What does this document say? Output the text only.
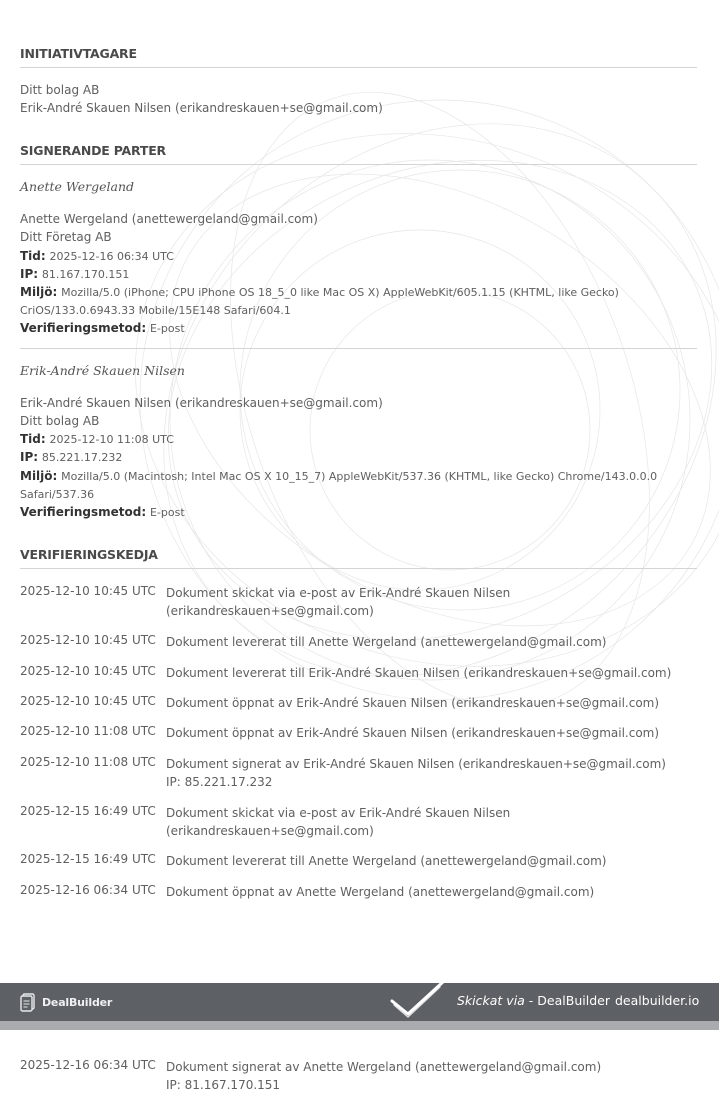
INITIATIVTAGARE
Ditt bolag AB
Erik-André Skauen Nilsen (erikandreskauen+se@gmail.com)
SIGNERANDE PARTER
Anette Wergeland
Anette Wergeland (anettewergeland@gmail.com)
Ditt Företag AB
Tid: 2025-12-16 06:34 UTC
IP: 81.167.170.151
Miljö: Mozilla/5.0 (iPhone; CPU iPhone OS 18_5_0 like Mac OS X) AppleWebKit/605.1.15 (KHTML, like Gecko)
CriOS/133.0.6943.33 Mobile/15E148 Safari/604.1
Verifieringsmetod: E-post
Erik-André Skauen Nilsen
Erik-André Skauen Nilsen (erikandreskauen+se@gmail.com)
Ditt bolag AB
Tid: 2025-12-10 11:08 UTC
IP: 85.221.17.232
Miljö: Mozilla/5.0 (Macintosh; Intel Mac OS X 10_15_7) AppleWebKit/537.36 (KHTML, like Gecko) Chrome/143.0.0.0
Safari/537.36
Verifieringsmetod: E-post
VERIFIERINGSKEDJA
2025-12-10 10:45 UTC Dokument skickat via e-post av Erik-André Skauen Nilsen
(erikandreskauen+se@gmail.com)
2025-12-10 10:45 UTC Dokument levererat till Anette Wergeland (anettewergeland@gmail.com)
2025-12-10 10:45 UTC Dokument levererat till Erik-André Skauen Nilsen (erikandreskauen+se@gmail.com)
2025-12-10 10:45 UTC Dokument öppnat av Erik-André Skauen Nilsen (erikandreskauen+se@gmail.com)
2025-12-10 11:08 UTC Dokument öppnat av Erik-André Skauen Nilsen (erikandreskauen+se@gmail.com)
2025-12-10 11:08 UTC Dokument signerat av Erik-André Skauen Nilsen (erikandreskauen+se@gmail.com)
IP: 85.221.17.232
2025-12-15 16:49 UTC Dokument skickat via e-post av Erik-André Skauen Nilsen
(erikandreskauen+se@gmail.com)
2025-12-15 16:49 UTC Dokument levererat till Anette Wergeland (anettewergeland@gmail.com)
2025-12-16 06:34 UTC Dokument öppnat av Anette Wergeland (anettewergeland@gmail.com)
2025-12-16 06:34 UTC Dokument signerat av Anette Wergeland (anettewergeland@gmail.com)
IP: 81.167.170.151
DealBuilder	Skickat via - DealBuilder dealbuilder.io
